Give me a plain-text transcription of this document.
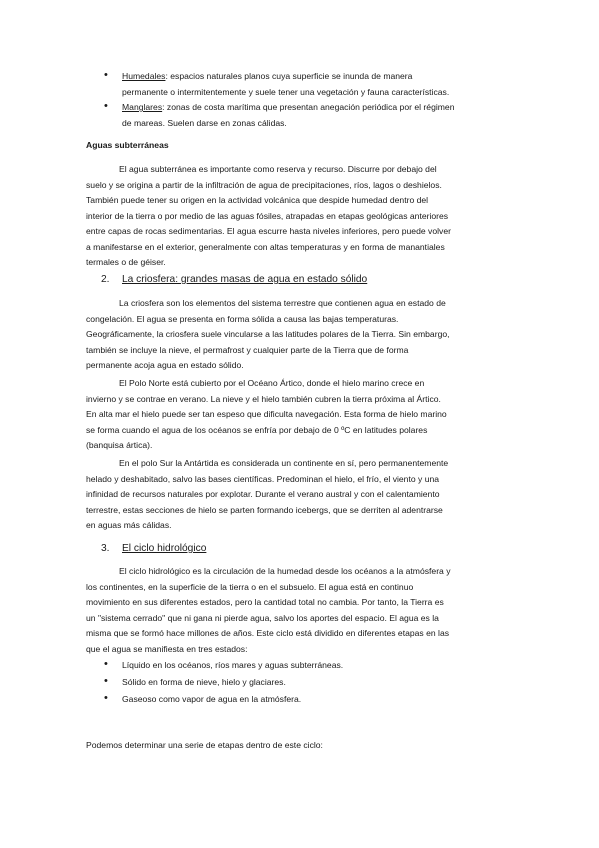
• Humedales: espacios naturales planos cuya superficie se inunda de manera
permanente o intermitentemente y suele tener una vegetación y fauna características.
• Manglares: zonas de costa marítima que presentan anegación periódica por el régimen
de mareas. Suelen darse en zonas cálidas.
Aguas subterráneas
El agua subterránea es importante como reserva y recurso. Discurre por debajo del
suelo y se origina a partir de la infiltración de agua de precipitaciones, ríos, lagos o deshielos.
También puede tener su origen en la actividad volcánica que despide humedad dentro del
interior de la tierra o por medio de las aguas fósiles, atrapadas en etapas geológicas anteriores
entre capas de rocas sedimentarias. El agua escurre hasta niveles inferiores, pero puede volver
a manifestarse en el exterior, generalmente con altas temperaturas y en forma de manantiales
termales o de géiser.
2. La criosfera: grandes masas de agua en estado sólido
La criosfera son los elementos del sistema terrestre que contienen agua en estado de
congelación. El agua se presenta en forma sólida a causa las bajas temperaturas.
Geográficamente, la criosfera suele vincularse a las latitudes polares de la Tierra. Sin embargo,
también se incluye la nieve, el permafrost y cualquier parte de la Tierra que de forma
permanente acoja agua en estado sólido.
El Polo Norte está cubierto por el Océano Ártico, donde el hielo marino crece en
invierno y se contrae en verano. La nieve y el hielo también cubren la tierra próxima al Ártico.
En alta mar el hielo puede ser tan espeso que dificulta navegación. Esta forma de hielo marino
se forma cuando el agua de los océanos se enfría por debajo de 0 ºC en latitudes polares
(banquisa ártica).
En el polo Sur la Antártida es considerada un continente en sí, pero permanentemente
helado y deshabitado, salvo las bases científicas. Predominan el hielo, el frío, el viento y una
infinidad de recursos naturales por explotar. Durante el verano austral y con el calentamiento
terrestre, estas secciones de hielo se parten formando icebergs, que se derriten al adentrarse
en aguas más cálidas.
3. El ciclo hidrológico
El ciclo hidrológico es la circulación de la humedad desde los océanos a la atmósfera y
los continentes, en la superficie de la tierra o en el subsuelo. El agua está en continuo
movimiento en sus diferentes estados, pero la cantidad total no cambia. Por tanto, la Tierra es
un "sistema cerrado" que ni gana ni pierde agua, salvo los aportes del espacio. El agua es la
misma que se formó hace millones de años. Este ciclo está dividido en diferentes etapas en las
que el agua se manifiesta en tres estados:
• Líquido en los océanos, ríos mares y aguas subterráneas.
• Sólido en forma de nieve, hielo y glaciares.
• Gaseoso como vapor de agua en la atmósfera.
Podemos determinar una serie de etapas dentro de este ciclo:
